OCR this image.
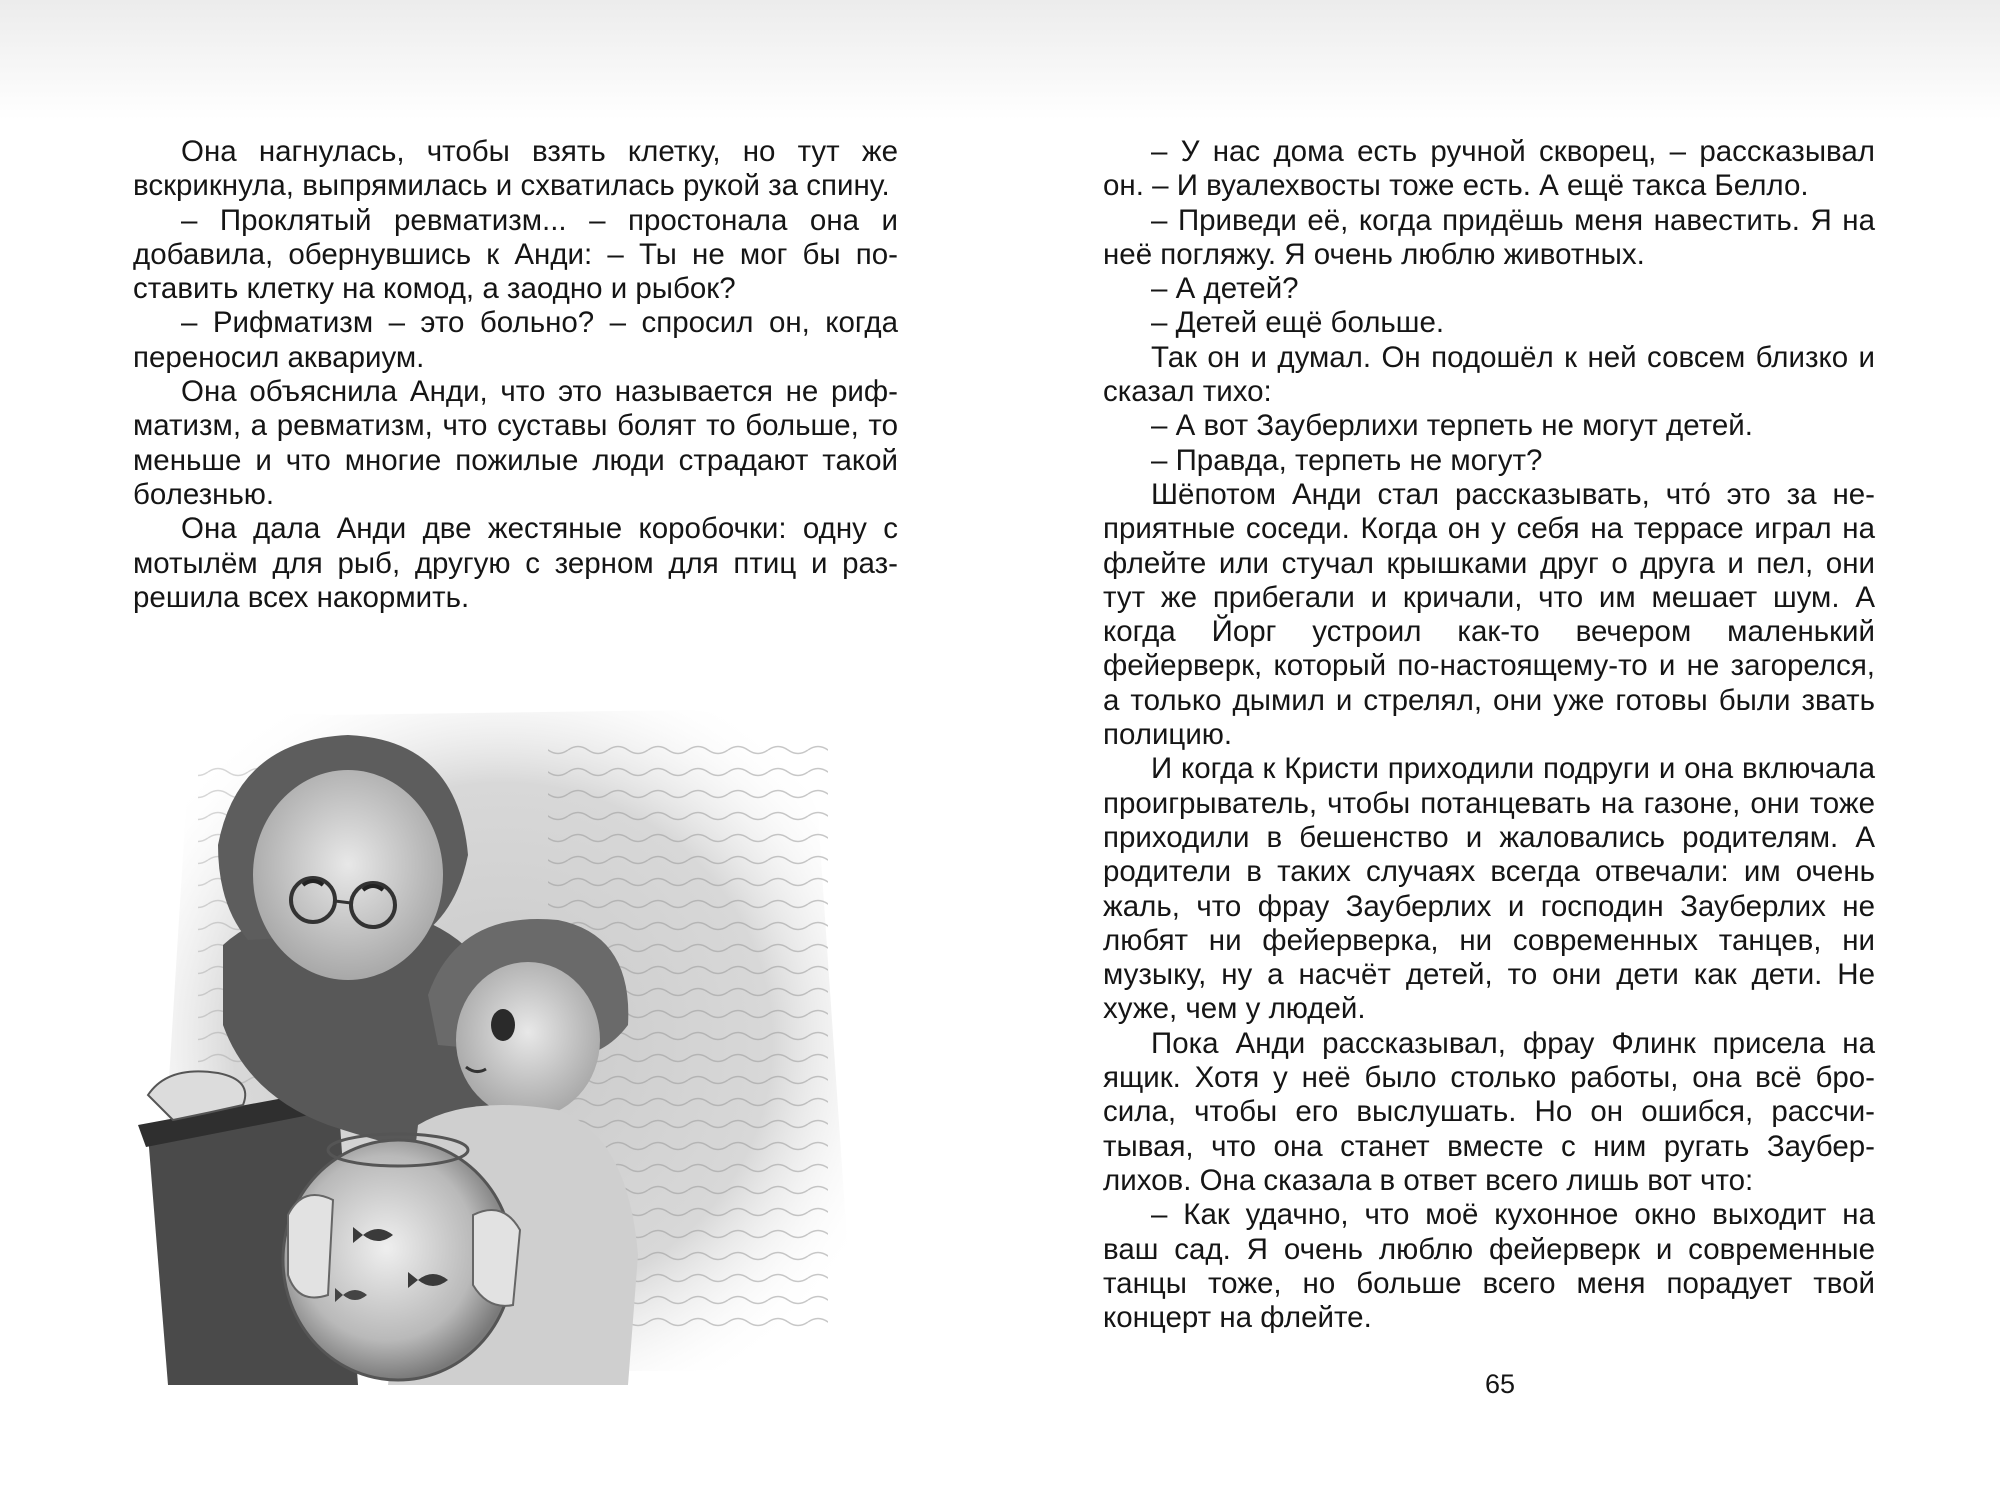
Она нагнулась, чтобы взять клетку, но тут же вскрикнула, выпрямилась и схватилась рукой за спину.

– Проклятый ревматизм... – простонала она и добавила, обернувшись к Анди: – Ты не мог бы поставить клетку на комод, а заодно и рыбок?

– Рифматизм – это больно? – спросил он, когда переносил аквариум.

Она объяснила Анди, что это называется не рифматизм, а ревматизм, что суставы болят то больше, то меньше и что многие пожилые люди страдают такой болезнью.

Она дала Анди две жестяные коробочки: одну с мотылём для рыб, другую с зерном для птиц и разрешила всех накормить.

– У нас дома есть ручной скворец, – рассказывал он. – И вуалехвосты тоже есть. А ещё такса Белло.

– Приведи её, когда придёшь меня навестить. Я на неё погляжу. Я очень люблю животных.

– А детей?

– Детей ещё больше.

Так он и думал. Он подошёл к ней совсем близко и сказал тихо:

– А вот Зауберлихи терпеть не могут детей.

– Правда, терпеть не могут?

Шёпотом Анди стал рассказывать, что́ это за неприятные соседи. Когда он у себя на террасе играл на флейте или стучал крышками друг о друга и пел, они тут же прибегали и кричали, что им мешает шум. А когда Йорг устроил как-то вечером маленький фейерверк, который по-настоящему-то и не загорелся, а только дымил и стрелял, они уже готовы были звать полицию.

И когда к Кристи приходили подруги и она включала проигрыватель, чтобы потанцевать на газоне, они тоже приходили в бешенство и жаловались родителям. А родители в таких случаях всегда отвечали: им очень жаль, что фрау Зауберлих и господин Зауберлих не любят ни фейерверка, ни современных танцев, ни музыку, ну а насчёт детей, то они дети как дети. Не хуже, чем у людей.

Пока Анди рассказывал, фрау Флинк присела на ящик. Хотя у неё было столько работы, она всё бросила, чтобы его выслушать. Но он ошибся, рассчитывая, что она станет вместе с ним ругать Зауберлихов. Она сказала в ответ всего лишь вот что:

– Как удачно, что моё кухонное окно выходит на ваш сад. Я очень люблю фейерверк и современные танцы тоже, но больше всего меня порадует твой концерт на флейте.

65
